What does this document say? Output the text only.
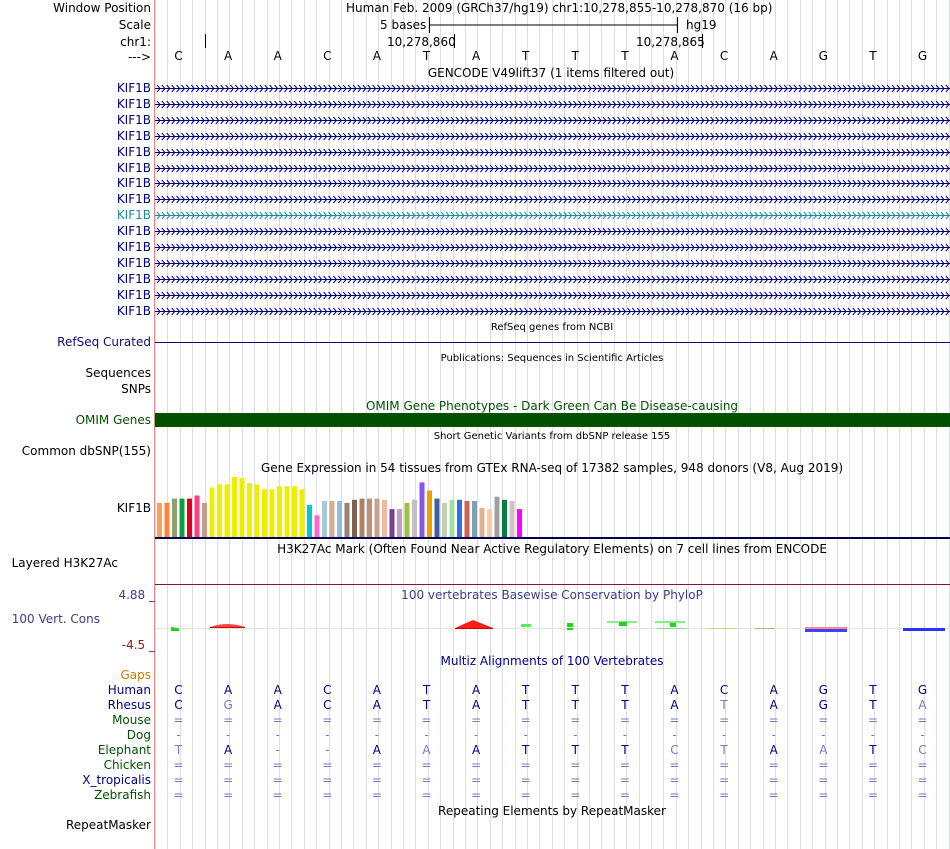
Window Position
Scale
chr1:
--->
KIF1B
KIF1B
KIF1B
KIF1B
KIF1B
KIF1B
KIF1B
KIF1B
KIF1B
KIF1B
KIF1B
KIF1B
KIF1B
KIF1B
KIF1B
RefSeq Curated
Sequences
SNPs
OMIM Genes
Common dbSNP(155)
KIF1B
Layered H3K27Ac
4.88 _
100 Vert. Cons
-4.5 _
Gaps
Human
Rhesus
Mouse
Dog
Elephant
Chicken
X_tropicalis
Zebrafish
RepeatMasker
Human Feb. 2009 (GRCh37/hg19) chr1:10,278,855-10,278,870 (16 bp)
5 bases	hg19
10,278,860	10,278,865
C	A	A	C	A	T	A	T	T	T	A	C	A	G	T	G
GENCODE V49lift37 (1 items filtered out)
RefSeq genes from NCBI
Publications: Sequences in Scientific Articles
OMIM Gene Phenotypes - Dark Green Can Be Disease-causing
Short Genetic Variants from dbSNP release 155
Gene Expression in 54 tissues from GTEx RNA-seq of 17382 samples, 948 donors (V8, Aug 2019)
H3K27Ac Mark (Often Found Near Active Regulatory Elements) on 7 cell lines from ENCODE
100 vertebrates Basewise Conservation by PhyloP
Multiz Alignments of 100 Vertebrates
C	A	A	C	A	T	A	T	T	T	A	C	A	G	T	G
C	G	A	C	A	T	A	T	T	T	A	T	A	G	T	A
=	=	=	=	=	=	=	=	=	=	=	=	=	=	=	=
-	-	-	-	-	-	-	-	-	-	-	-	-	-	-	-
T	A	-	-	A	A	A	T	T	T	C	T	A	A	T	C
=	=	=	=	=	=	=	=	=	=	=	=	=	=	=	=
=	=	=	=	=	=	=	=	=	=	=	=	=	=	=	=
=	=	=	=	=	=	=	=	=	=	=	=	=	=	=	=
Repeating Elements by RepeatMasker
